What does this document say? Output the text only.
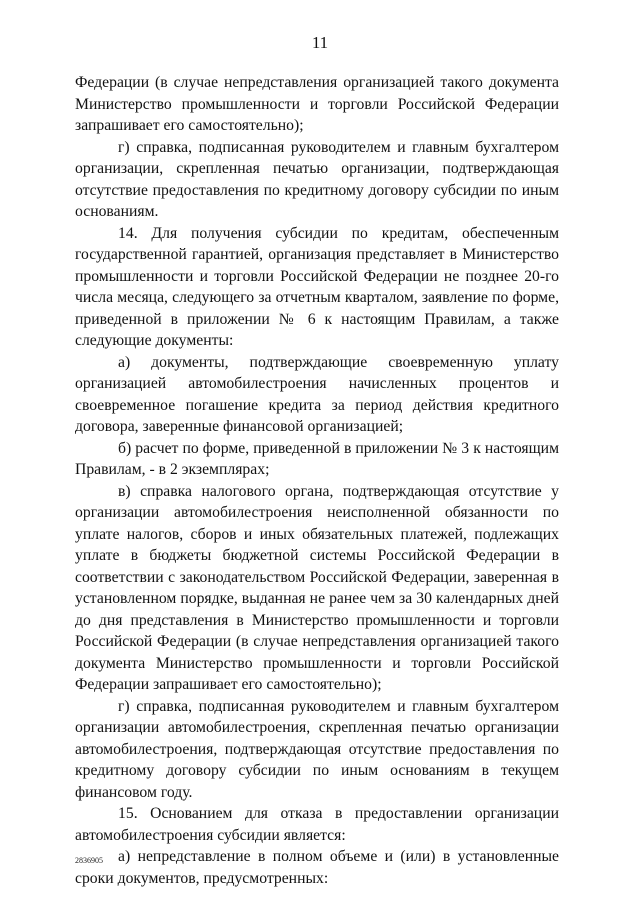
11

Федерации (в случае непредставления организацией такого документа Министерство промышленности и торговли Российской Федерации запрашивает его самостоятельно);

г) справка, подписанная руководителем и главным бухгалтером организации, скрепленная печатью организации, подтверждающая отсутствие предоставления по кредитному договору субсидии по иным основаниям.

14. Для получения субсидии по кредитам, обеспеченным государственной гарантией, организация представляет в Министерство промышленности и торговли Российской Федерации не позднее 20-го числа месяца, следующего за отчетным кварталом, заявление по форме, приведенной в приложении № 6 к настоящим Правилам, а также следующие документы:

а) документы, подтверждающие своевременную уплату организацией автомобилестроения начисленных процентов и своевременное погашение кредита за период действия кредитного договора, заверенные финансовой организацией;

б) расчет по форме, приведенной в приложении № 3 к настоящим Правилам, - в 2 экземплярах;

в) справка налогового органа, подтверждающая отсутствие у организации автомобилестроения неисполненной обязанности по уплате налогов, сборов и иных обязательных платежей, подлежащих уплате в бюджеты бюджетной системы Российской Федерации в соответствии с законодательством Российской Федерации, заверенная в установленном порядке, выданная не ранее чем за 30 календарных дней до дня представления в Министерство промышленности и торговли Российской Федерации (в случае непредставления организацией такого документа Министерство промышленности и торговли Российской Федерации запрашивает его самостоятельно);

г) справка, подписанная руководителем и главным бухгалтером организации автомобилестроения, скрепленная печатью организации автомобилестроения, подтверждающая отсутствие предоставления по кредитному договору субсидии по иным основаниям в текущем финансовом году.

15. Основанием для отказа в предоставлении организации автомобилестроения субсидии является:

а) непредставление в полном объеме и (или) в установленные сроки документов, предусмотренных:

2836905
